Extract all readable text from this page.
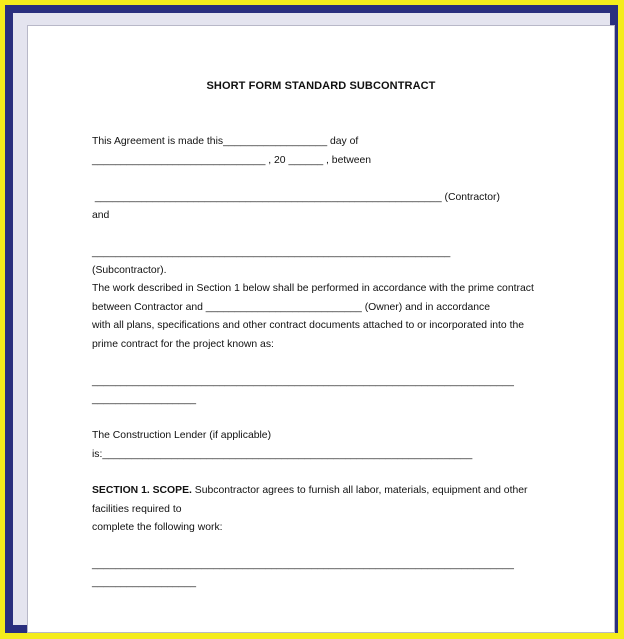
SHORT FORM STANDARD SUBCONTRACT
This Agreement is made this__________________ day of
______________________________ , 20 ______ , between
____________________________________________________________ (Contractor)
and
______________________________________________________________
(Subcontractor).
The work described in Section 1 below shall be performed in accordance with the prime contract
between Contractor and ___________________________ (Owner) and in accordance
with all plans, specifications and other contract documents attached to or incorporated into the
prime contract for the project known as:
_________________________________________________________________________
__________________
The Construction Lender (if applicable)
is:________________________________________________________________
SECTION 1. SCOPE. Subcontractor agrees to furnish all labor, materials, equipment and other
facilities required to
complete the following work:
_________________________________________________________________________
__________________
